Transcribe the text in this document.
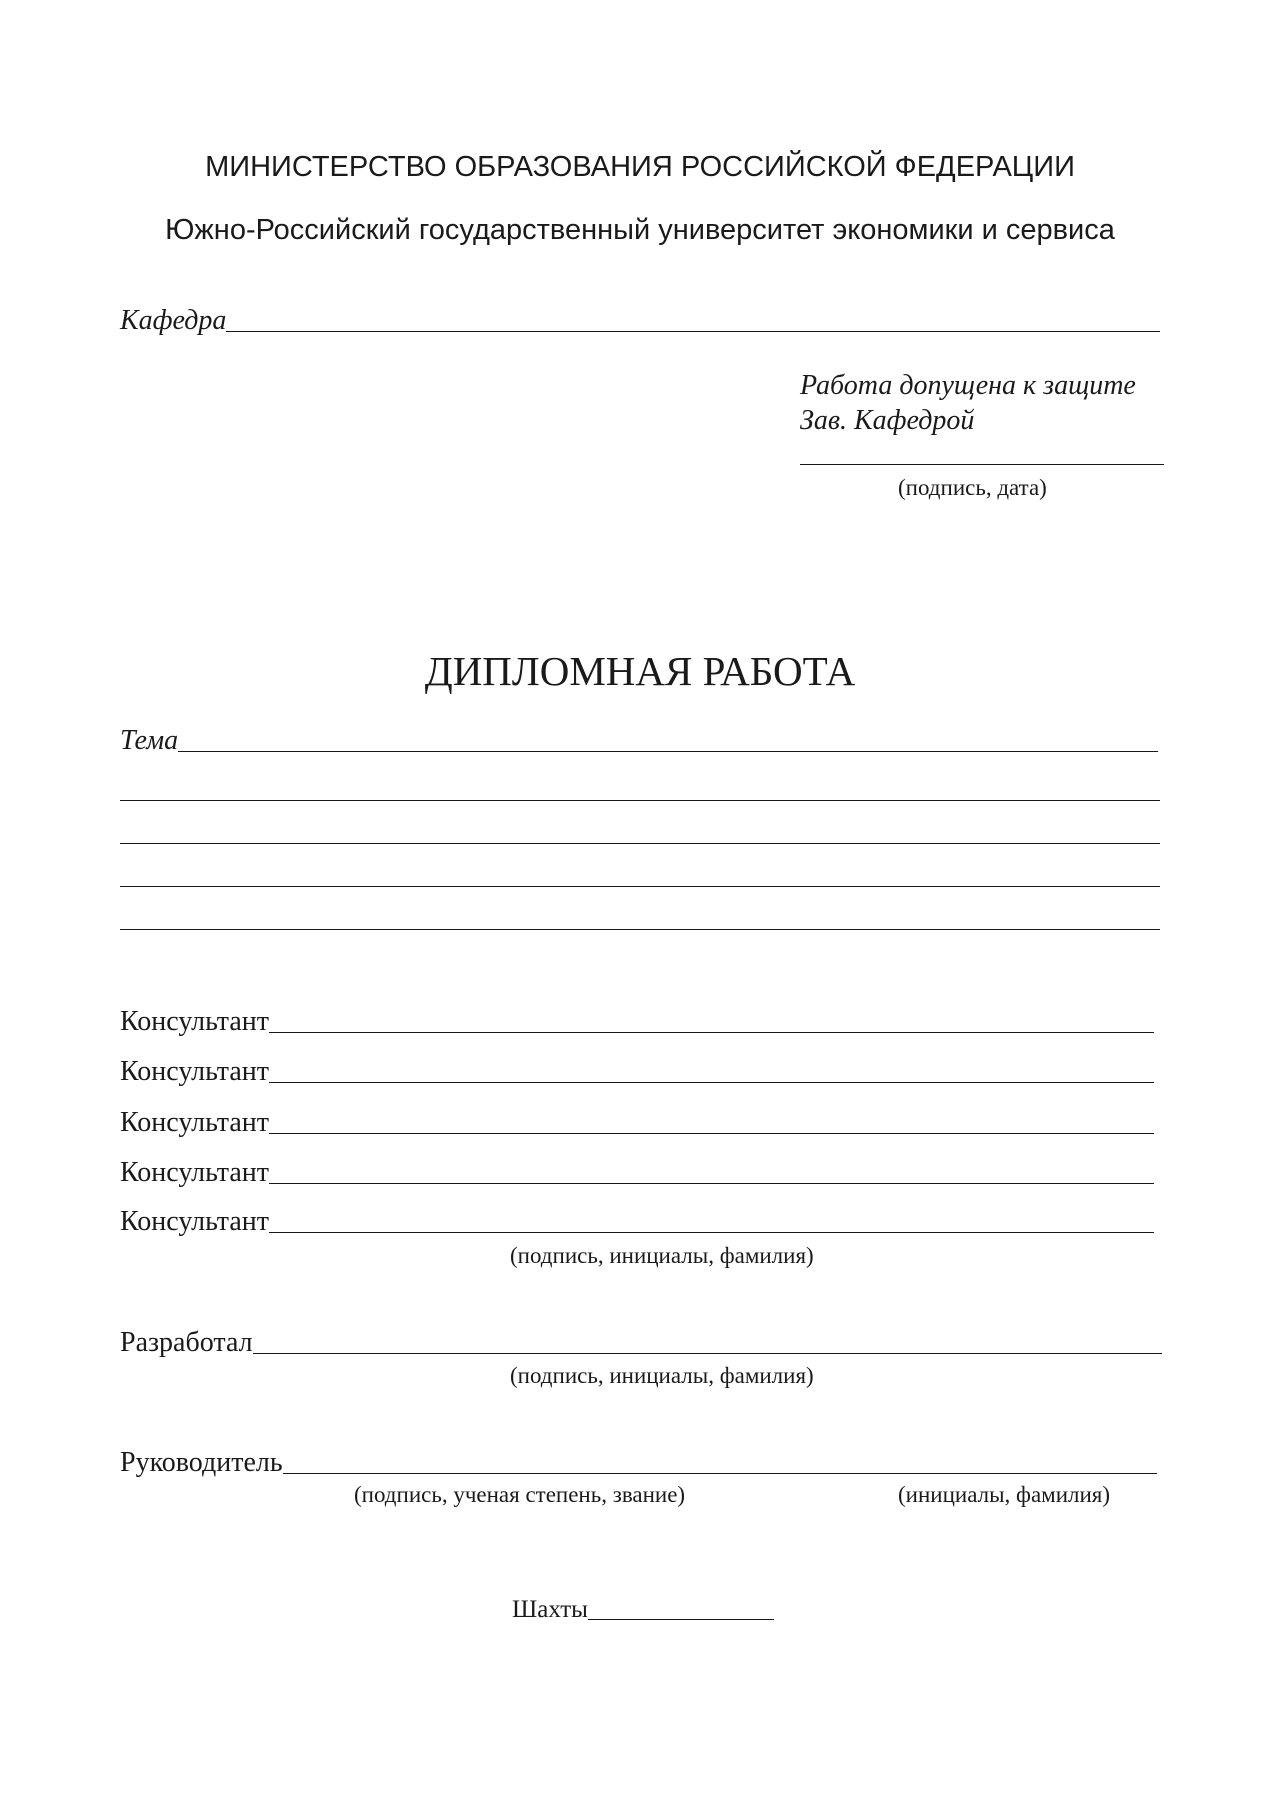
МИНИСТЕРСТВО ОБРАЗОВАНИЯ РОССИЙСКОЙ ФЕДЕРАЦИИ
Южно-Российский государственный университет экономики и сервиса
Кафедра
Работа допущена к защите
Зав. Кафедрой
(подпись, дата)
ДИПЛОМНАЯ РАБОТА
Тема
Консультант
Консультант
Консультант
Консультант
Консультант
(подпись, инициалы, фамилия)
Разработал
(подпись, инициалы, фамилия)
Руководитель
(подпись, ученая степень, звание)	(инициалы, фамилия)
Шахты
